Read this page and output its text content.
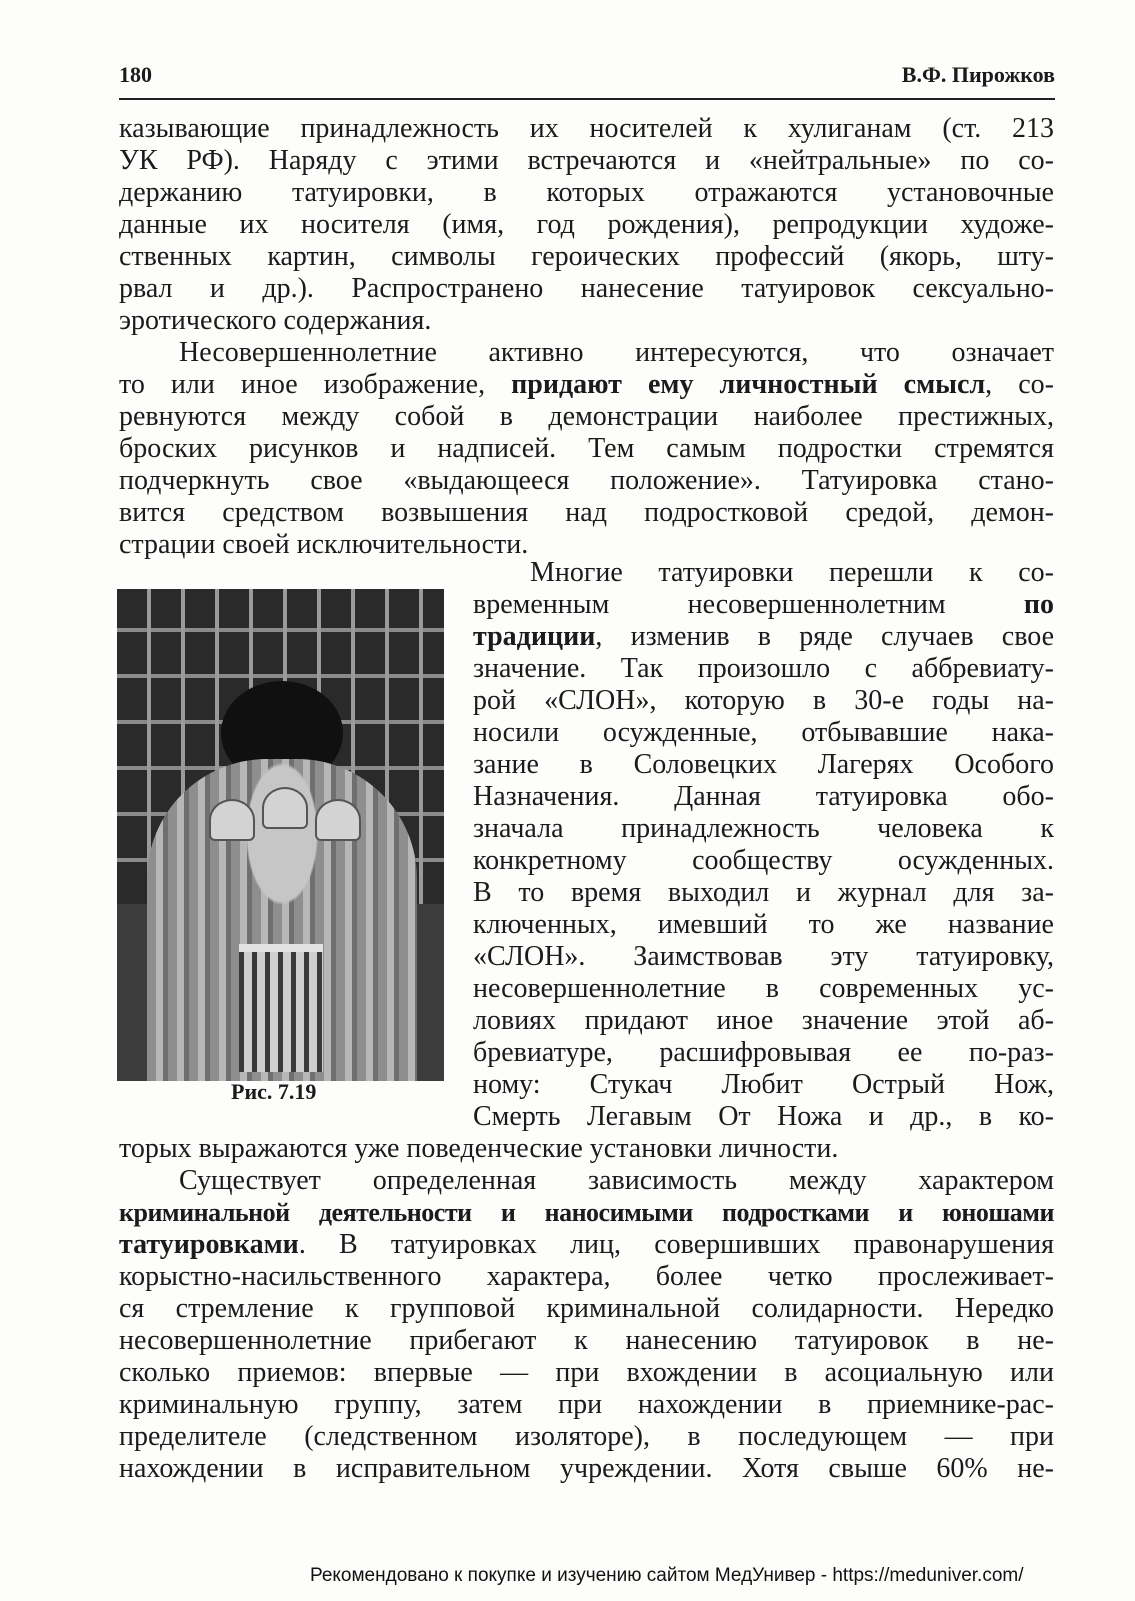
180	В.Ф. Пирожков

казывающие принадлежность их носителей к хулиганам (ст. 213

УК РФ). Наряду с этими встречаются и «нейтральные» по со-

держанию татуировки, в которых отражаются установочные

данные их носителя (имя, год рождения), репродукции художе-

ственных картин, символы героических профессий (якорь, шту-

рвал и др.). Распространено нанесение татуировок сексуально-

эротического содержания.

Несовершеннолетние активно интересуются, что означает

то или иное изображение, придают ему личностный смысл, со-

ревнуются между собой в демонстрации наиболее престижных,

броских рисунков и надписей. Тем самым подростки стремятся

подчеркнуть свое «выдающееся положение». Татуировка стано-

вится средством возвышения над подростковой средой, демон-

страции своей исключительности.

Рис. 7.19

Многие татуировки перешли к со-

временным несовершеннолетним по

традиции, изменив в ряде случаев свое

значение. Так произошло с аббревиату-

рой «СЛОН», которую в 30-е годы на-

носили осужденные, отбывавшие нака-

зание в Соловецких Лагерях Особого

Назначения. Данная татуировка обо-

значала принадлежность человека к

конкретному сообществу осужденных.

В то время выходил и журнал для за-

ключенных, имевший то же название

«СЛОН». Заимствовав эту татуировку,

несовершеннолетние в современных ус-

ловиях придают иное значение этой аб-

бревиатуре, расшифровывая ее по-раз-

ному: Стукач Любит Острый Нож,

Смерть Легавым От Ножа и др., в ко-

торых выражаются уже поведенческие установки личности.

Существует определенная зависимость между характером

криминальной деятельности и наносимыми подростками и юношами

татуировками. В татуировках лиц, совершивших правонарушения

корыстно-насильственного характера, более четко прослеживает-

ся стремление к групповой криминальной солидарности. Нередко

несовершеннолетние прибегают к нанесению татуировок в не-

сколько приемов: впервые — при вхождении в асоциальную или

криминальную группу, затем при нахождении в приемнике-рас-

пределителе (следственном изоляторе), в последующем — при

нахождении в исправительном учреждении. Хотя свыше 60% не-

Рекомендовано к покупке и изучению сайтом МедУнивер - https://meduniver.com/
